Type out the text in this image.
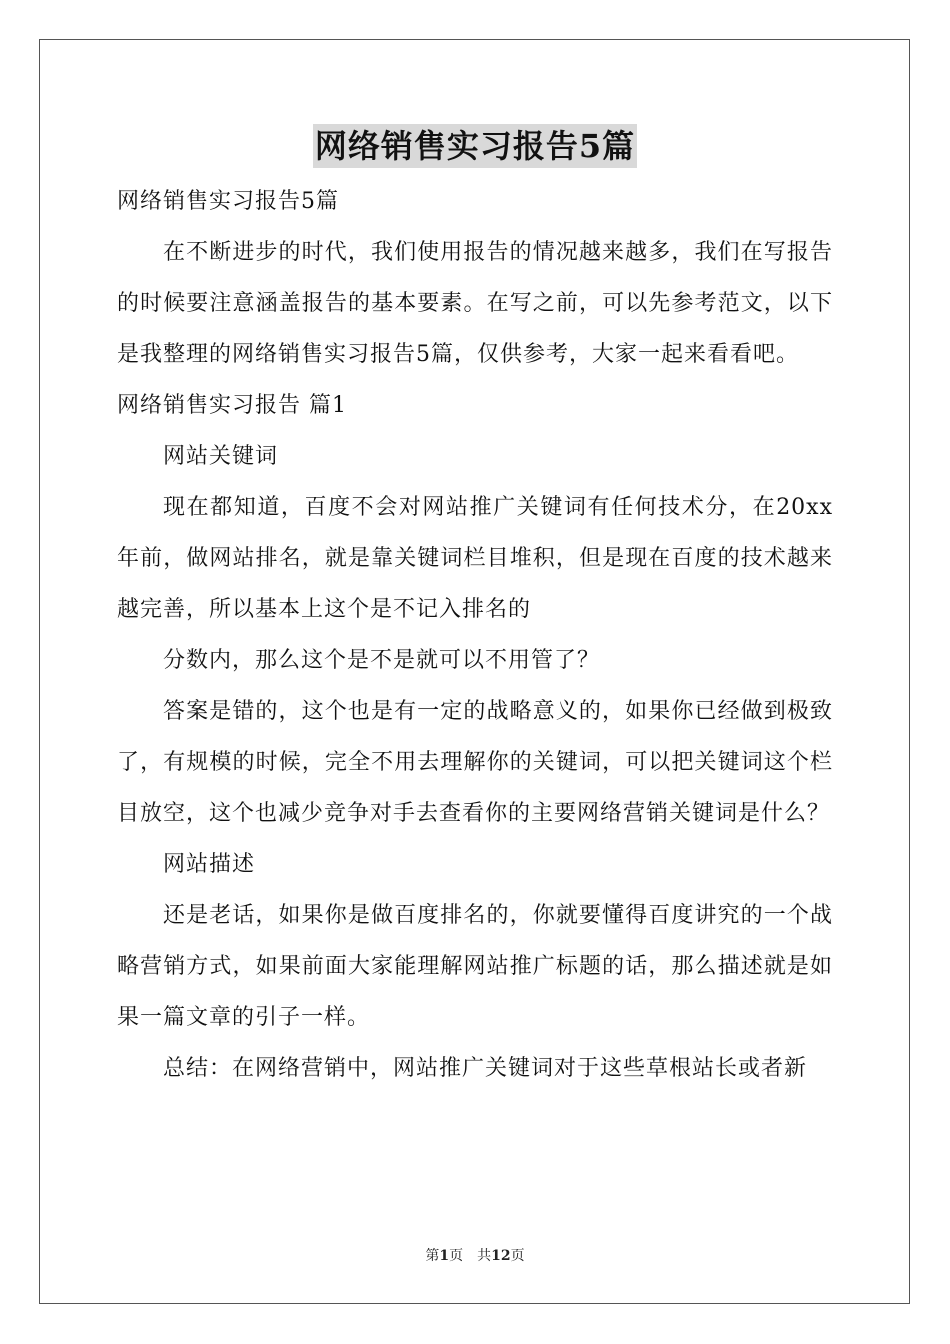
网络销售实习报告5篇

网络销售实习报告5篇

在不断进步的时代，我们使用报告的情况越来越多，我们在写报告的时候要注意涵盖报告的基本要素。在写之前，可以先参考范文，以下是我整理的网络销售实习报告5篇，仅供参考，大家一起来看看吧。

网络销售实习报告 篇1

网站关键词

现在都知道，百度不会对网站推广关键词有任何技术分，在20xx年前，做网站排名，就是靠关键词栏目堆积，但是现在百度的技术越来越完善，所以基本上这个是不记入排名的

分数内，那么这个是不是就可以不用管了？

答案是错的，这个也是有一定的战略意义的，如果你已经做到极致了，有规模的时候，完全不用去理解你的关键词，可以把关键词这个栏目放空，这个也减少竞争对手去查看你的主要网络营销关键词是什么？

网站描述

还是老话，如果你是做百度排名的，你就要懂得百度讲究的一个战略营销方式，如果前面大家能理解网站推广标题的话，那么描述就是如果一篇文章的引子一样。

总结：在网络营销中，网站推广关键词对于这些草根站长或者新

第1页 共12页
